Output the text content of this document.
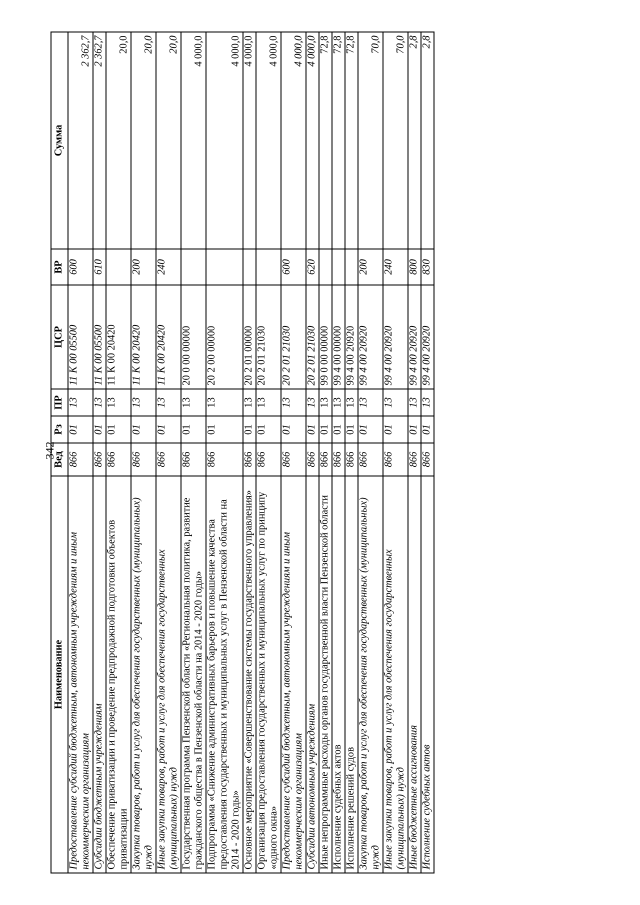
342
Наименование	Вед	Рз	ПР	ЦСР	ВР	Сумма
Предоставление субсидий бюджетным, автономным учреждениям и иным некоммерческим организациям	866	01	13	11 К 00 05500	600	2 362,7
Субсидии бюджетным учреждениям	866	01	13	11 К 00 05500	610	2 362,7
Обеспечение приватизации и проведение предпродажной подготовки объектов приватизации	866	01	13	11 К 00 20420		20,0
Закупка товаров, работ и услуг для обеспечения государственных (муниципальных) нужд	866	01	13	11 К 00 20420	200	20,0
Иные закупки товаров, работ и услуг для обеспечения государственных (муниципальных) нужд	866	01	13	11 К 00 20420	240	20,0
Государственная программа Пензенской области «Региональная политика, развитие гражданского общества в Пензенской области на 2014 - 2020 годы»	866	01	13	20 0 00 00000		4 000,0
Подпрограмма «Снижение административных барьеров и повышение качества предоставления государственных и муниципальных услуг в Пензенской области на 2014 - 2020 годы»	866	01	13	20 2 00 00000		4 000,0
Основное мероприятие «Совершенствование системы государственного управления»	866	01	13	20 2 01 00000		4 000,0
Организация предоставления государственных и муниципальных услуг по принципу «одного окна»	866	01	13	20 2 01 21030		4 000,0
Предоставление субсидий бюджетным, автономным учреждениям и иным некоммерческим организациям	866	01	13	20 2 01 21030	600	4 000,0
Субсидии автономным учреждениям	866	01	13	20 2 01 21030	620	4 000,0
Иные непрограммные расходы органов государственной власти Пензенской области	866	01	13	99 0 00 00000		72,8
Исполнение судебных актов	866	01	13	99 4 00 00000		72,8
Исполнение решений судов	866	01	13	99 4 00 20920		72,8
Закупка товаров, работ и услуг для обеспечения государственных (муниципальных) нужд	866	01	13	99 4 00 20920	200	70,0
Иные закупки товаров, работ и услуг для обеспечения государственных (муниципальных) нужд	866	01	13	99 4 00 20920	240	70,0
Иные бюджетные ассигнования	866	01	13	99 4 00 20920	800	2,8
Исполнение судебных актов	866	01	13	99 4 00 20920	830	2,8
